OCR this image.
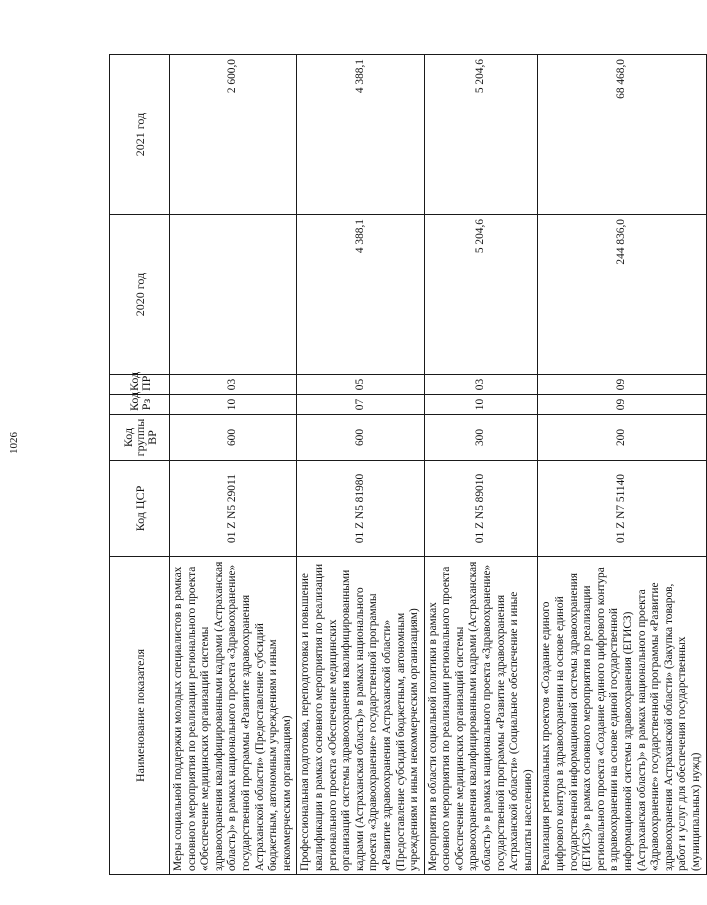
1026
Наименование показателя	Код ЦСР	Код группы ВР	Код Рз	Код ПР	2020 год	2021 год
Меры социальной поддержки молодых специалистов в рамках основного мероприятия по реализации регионального проекта «Обеспечение медицинских организаций системы здравоохранения квалифицированными кадрами (Астраханская область)» в рамках национального проекта «Здравоохранение» государственной программы «Развитие здравоохранения Астраханской области» (Предоставление субсидий бюджетным, автономным учреждениям и иным некоммерческим организациям)	01 Z N5 29011	600	10	03		2 600,0
Профессиональная подготовка, переподготовка и повышение квалификации в рамках основного мероприятия по реализации регионального проекта «Обеспечение медицинских организаций системы здравоохранения квалифицированными кадрами (Астраханская область)» в рамках национального проекта «Здравоохранение» государственной программы «Развитие здравоохранения Астраханской области» (Предоставление субсидий бюджетным, автономным учреждениям и иным некоммерческим организациям)	01 Z N5 81980	600	07	05	4 388,1	4 388,1
Мероприятия в области социальной политики в рамках основного мероприятия по реализации регионального проекта «Обеспечение медицинских организаций системы здравоохранения квалифицированными кадрами (Астраханская область)» в рамках национального проекта «Здравоохранение» государственной программы «Развитие здравоохранения Астраханской области» (Социальное обеспечение и иные выплаты населению)	01 Z N5 89010	300	10	03	5 204,6	5 204,6
Реализация региональных проектов «Создание единого цифрового контура в здравоохранении на основе единой государственной информационной системы здравоохранения (ЕГИСЗ)» в рамках основного мероприятия по реализации регионального проекта «Создание единого цифрового контура в здравоохранении на основе единой государственной информационной системы здравоохранения (ЕГИСЗ) (Астраханская область)» в рамках национального проекта «Здравоохранение» государственной программы «Развитие здравоохранения Астраханской области» (Закупка товаров, работ и услуг для обеспечения государственных (муниципальных) нужд)	01 Z N7 51140	200	09	09	244 836,0	68 468,0
